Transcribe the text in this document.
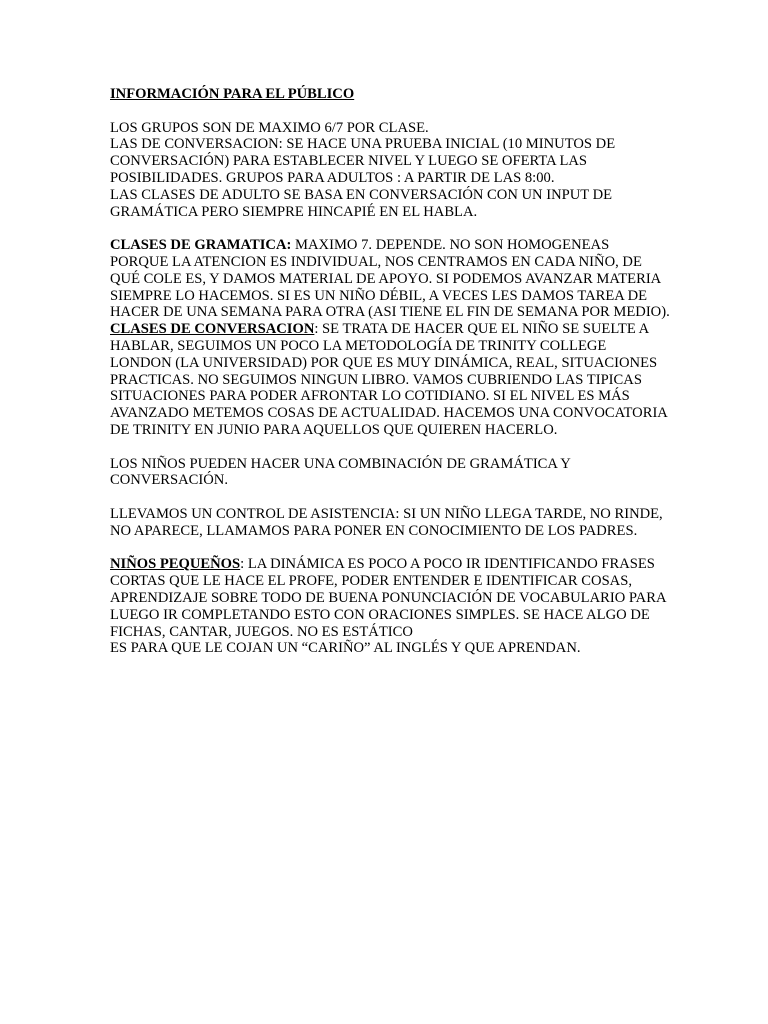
INFORMACIÓN PARA EL PÚBLICO

LOS GRUPOS SON DE MAXIMO 6/7 POR CLASE.

LAS DE CONVERSACION: SE HACE UNA PRUEBA INICIAL (10 MINUTOS DE CONVERSACIÓN) PARA ESTABLECER NIVEL Y LUEGO SE OFERTA LAS POSIBILIDADES. GRUPOS PARA ADULTOS : A PARTIR DE LAS 8:00.

LAS CLASES DE ADULTO SE BASA EN CONVERSACIÓN CON UN INPUT DE GRAMÁTICA PERO SIEMPRE HINCAPIÉ EN EL HABLA.

CLASES DE GRAMATICA: MAXIMO 7. DEPENDE. NO SON HOMOGENEAS PORQUE LA ATENCION ES INDIVIDUAL, NOS CENTRAMOS EN CADA NIÑO, DE QUÉ COLE ES, Y DAMOS MATERIAL DE APOYO. SI PODEMOS AVANZAR MATERIA SIEMPRE LO HACEMOS. SI ES UN NIÑO DÉBIL, A VECES LES DAMOS TAREA DE HACER DE UNA SEMANA PARA OTRA (ASI TIENE EL FIN DE SEMANA POR MEDIO).

CLASES DE CONVERSACION: SE TRATA DE HACER QUE EL NIÑO SE SUELTE A HABLAR, SEGUIMOS UN POCO LA METODOLOGÍA DE TRINITY COLLEGE LONDON (LA UNIVERSIDAD) POR QUE ES MUY DINÁMICA, REAL, SITUACIONES PRACTICAS. NO SEGUIMOS NINGUN LIBRO. VAMOS CUBRIENDO LAS TIPICAS SITUACIONES PARA PODER AFRONTAR LO COTIDIANO. SI EL NIVEL ES MÁS AVANZADO METEMOS COSAS DE ACTUALIDAD. HACEMOS UNA CONVOCATORIA DE TRINITY EN JUNIO PARA AQUELLOS QUE QUIEREN HACERLO.

LOS NIÑOS PUEDEN HACER UNA COMBINACIÓN DE GRAMÁTICA Y CONVERSACIÓN.

LLEVAMOS UN CONTROL DE ASISTENCIA: SI UN NIÑO LLEGA TARDE, NO RINDE, NO APARECE, LLAMAMOS PARA PONER EN CONOCIMIENTO DE LOS PADRES.

NIÑOS PEQUEÑOS: LA DINÁMICA ES POCO A POCO IR IDENTIFICANDO FRASES CORTAS QUE LE HACE EL PROFE, PODER ENTENDER E IDENTIFICAR COSAS, APRENDIZAJE SOBRE TODO DE BUENA PONUNCIACIÓN DE VOCABULARIO PARA LUEGO IR COMPLETANDO ESTO CON ORACIONES SIMPLES. SE HACE ALGO DE FICHAS, CANTAR, JUEGOS. NO ES ESTÁTICO

ES PARA QUE LE COJAN UN “CARIÑO” AL INGLÉS Y QUE APRENDAN.
